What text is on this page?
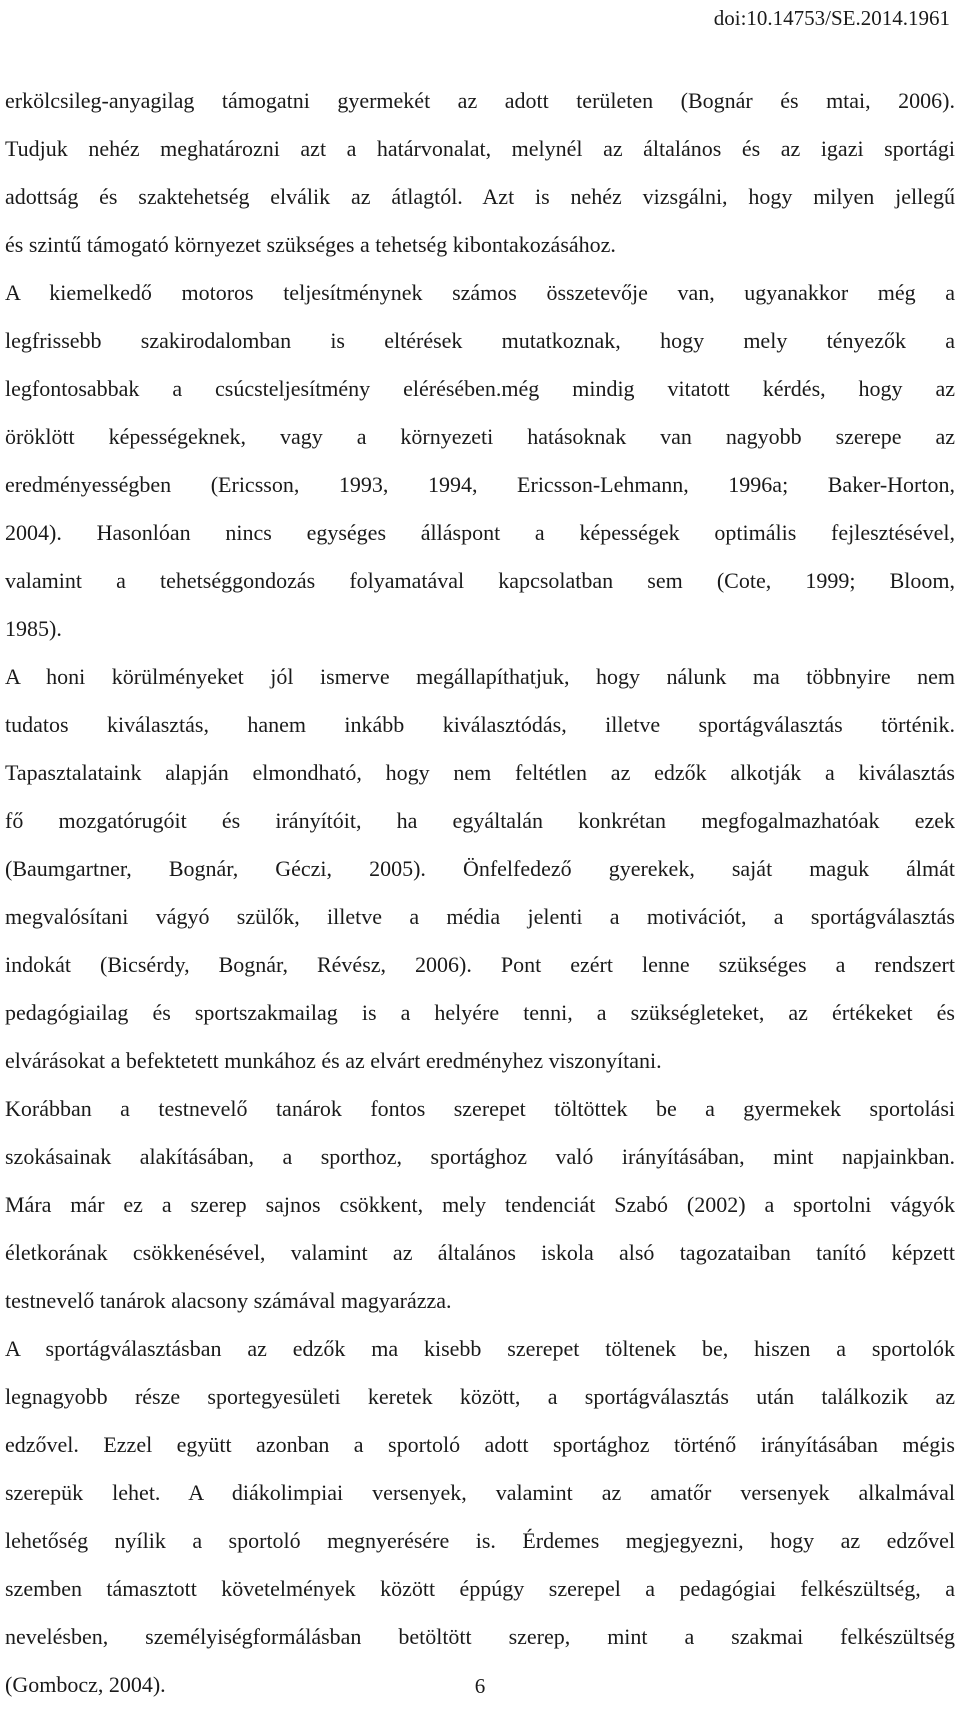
doi:10.14753/SE.2014.1961
erkölcsileg-anyagilag támogatni gyermekét az adott területen (Bognár és mtai, 2006).
Tudjuk nehéz meghatározni azt a határvonalat, melynél az általános és az igazi sportági
adottság és szaktehetség elválik az átlagtól. Azt is nehéz vizsgálni, hogy milyen jellegű
és szintű támogató környezet szükséges a tehetség kibontakozásához.
A kiemelkedő motoros teljesítménynek számos összetevője van, ugyanakkor még a
legfrissebb szakirodalomban is eltérések mutatkoznak, hogy mely tényezők a
legfontosabbak a csúcsteljesítmény elérésében.még mindig vitatott kérdés, hogy az
öröklött képességeknek, vagy a környezeti hatásoknak van nagyobb szerepe az
eredményességben (Ericsson, 1993, 1994, Ericsson-Lehmann, 1996a; Baker-Horton,
2004). Hasonlóan nincs egységes álláspont a képességek optimális fejlesztésével,
valamint a tehetséggondozás folyamatával kapcsolatban sem (Cote, 1999; Bloom,
1985).
A honi körülményeket jól ismerve megállapíthatjuk, hogy nálunk ma többnyire nem
tudatos kiválasztás, hanem inkább kiválasztódás, illetve sportágválasztás történik.
Tapasztalataink alapján elmondható, hogy nem feltétlen az edzők alkotják a kiválasztás
fő mozgatórugóit és irányítóit, ha egyáltalán konkrétan megfogalmazhatóak ezek
(Baumgartner, Bognár, Géczi, 2005). Önfelfedező gyerekek, saját maguk álmát
megvalósítani vágyó szülők, illetve a média jelenti a motivációt, a sportágválasztás
indokát (Bicsérdy, Bognár, Révész, 2006). Pont ezért lenne szükséges a rendszert
pedagógiailag és sportszakmailag is a helyére tenni, a szükségleteket, az értékeket és
elvárásokat a befektetett munkához és az elvárt eredményhez viszonyítani.
Korábban a testnevelő tanárok fontos szerepet töltöttek be a gyermekek sportolási
szokásainak alakításában, a sporthoz, sportághoz való irányításában, mint napjainkban.
Mára már ez a szerep sajnos csökkent, mely tendenciát Szabó (2002) a sportolni vágyók
életkorának csökkenésével, valamint az általános iskola alsó tagozataiban tanító képzett
testnevelő tanárok alacsony számával magyarázza.
A sportágválasztásban az edzők ma kisebb szerepet töltenek be, hiszen a sportolók
legnagyobb része sportegyesületi keretek között, a sportágválasztás után találkozik az
edzővel. Ezzel együtt azonban a sportoló adott sportághoz történő irányításában mégis
szerepük lehet. A diákolimpiai versenyek, valamint az amatőr versenyek alkalmával
lehetőség nyílik a sportoló megnyerésére is. Érdemes megjegyezni, hogy az edzővel
szemben támasztott követelmények között éppúgy szerepel a pedagógiai felkészültség, a
nevelésben, személyiségformálásban betöltött szerep, mint a szakmai felkészültség
(Gombocz, 2004).	6
